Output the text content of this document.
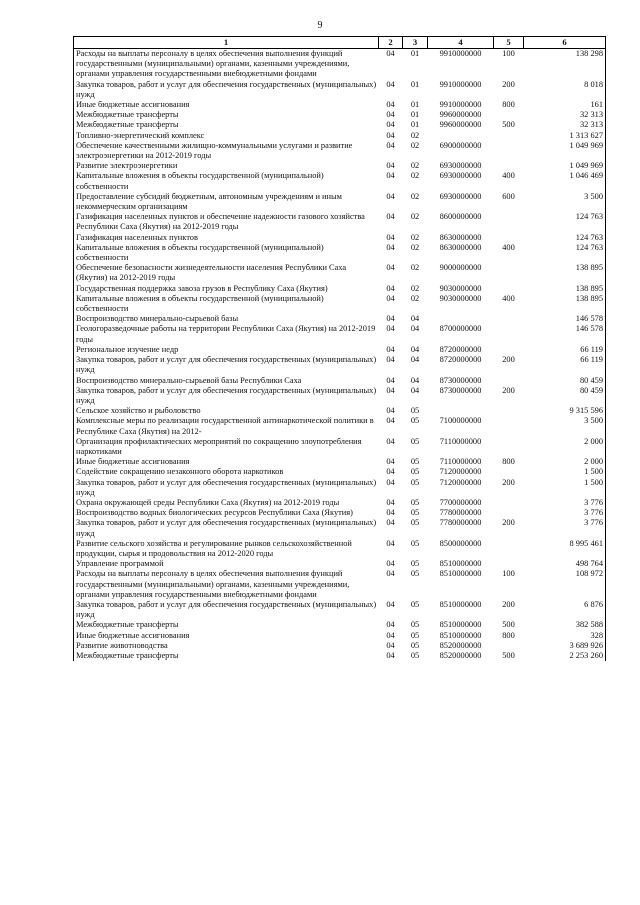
9
1	2	3	4	5	6
Расходы на выплаты персоналу в целях обеспечения выполнения функций государственными (муниципальными) органами, казенными учреждениями, органами управления государственными внебюджетными фондами	04	01	9910000000	100	138 298
Закупка товаров, работ и услуг для обеспечения государственных (муниципальных) нужд	04	01	9910000000	200	8 018
Иные бюджетные ассигнования	04	01	9910000000	800	161
Межбюджетные трансферты	04	01	9960000000		32 313
Межбюджетные трансферты	04	01	9960000000	500	32 313
Топливно-энергетический комплекс	04	02			1 313 627
Обеспечение качественными жилищно-коммунальными услугами и развитие электроэнергетики на 2012-2019 годы	04	02	6900000000		1 049 969
Развитие электроэнергетики	04	02	6930000000		1 049 969
Капитальные вложения в объекты государственной (муниципальной) собственности	04	02	6930000000	400	1 046 469
Предоставление субсидий бюджетным, автономным учреждениям и иным некоммерческим организациям	04	02	6930000000	600	3 500
Газификация населенных пунктов и обеспечение надежности газового хозяйства Республики Саха (Якутия) на 2012-2019 годы	04	02	8600000000		124 763
Газификация населенных пунктов	04	02	8630000000		124 763
Капитальные вложения в объекты государственной (муниципальной) собственности	04	02	8630000000	400	124 763
Обеспечение безопасности жизнедеятельности населения Республики Саха (Якутия) на 2012-2019 годы	04	02	9000000000		138 895
Государственная поддержка завоза грузов в Республику Саха (Якутия)	04	02	9030000000		138 895
Капитальные вложения в объекты государственной (муниципальной) собственности	04	02	9030000000	400	138 895
Воспроизводство минерально-сырьевой базы	04	04			146 578
Геологоразведочные работы на территории Республики Саха (Якутия) на 2012-2019 годы	04	04	8700000000		146 578
Региональное изучение недр	04	04	8720000000		66 119
Закупка товаров, работ и услуг для обеспечения государственных (муниципальных) нужд	04	04	8720000000	200	66 119
Воспроизводство минерально-сырьевой базы Республики Саха	04	04	8730000000		80 459
Закупка товаров, работ и услуг для обеспечения государственных (муниципальных) нужд	04	04	8730000000	200	80 459
Сельское хозяйство и рыболовство	04	05			9 315 596
Комплексные меры по реализации государственной антинаркотической политики в Республике Саха (Якутия) на 2012-	04	05	7100000000		3 500
Организация профилактических мероприятий по сокращению злоупотребления наркотиками	04	05	7110000000		2 000
Иные бюджетные ассигнования	04	05	7110000000	800	2 000
Содействие сокращению незаконного оборота наркотиков	04	05	7120000000		1 500
Закупка товаров, работ и услуг для обеспечения государственных (муниципальных) нужд	04	05	7120000000	200	1 500
Охрана окружающей среды Республики Саха (Якутия) на 2012-2019 годы	04	05	7700000000		3 776
Воспроизводство водных биологических ресурсов Республики Саха (Якутия)	04	05	7780000000		3 776
Закупка товаров, работ и услуг для обеспечения государственных (муниципальных) нужд	04	05	7780000000	200	3 776
Развитие сельского хозяйства и регулирование рынков сельскохозяйственной продукции, сырья и продовольствия на 2012-2020 годы	04	05	8500000000		8 995 461
Управление программой	04	05	8510000000		498 764
Расходы на выплаты персоналу в целях обеспечения выполнения функций государственными (муниципальными) органами, казенными учреждениями, органами управления государственными внебюджетными фондами	04	05	8510000000	100	108 972
Закупка товаров, работ и услуг для обеспечения государственных (муниципальных) нужд	04	05	8510000000	200	6 876
Межбюджетные трансферты	04	05	8510000000	500	382 588
Иные бюджетные ассигнования	04	05	8510000000	800	328
Развитие животноводства	04	05	8520000000		3 689 926
Межбюджетные трансферты	04	05	8520000000	500	2 253 260
